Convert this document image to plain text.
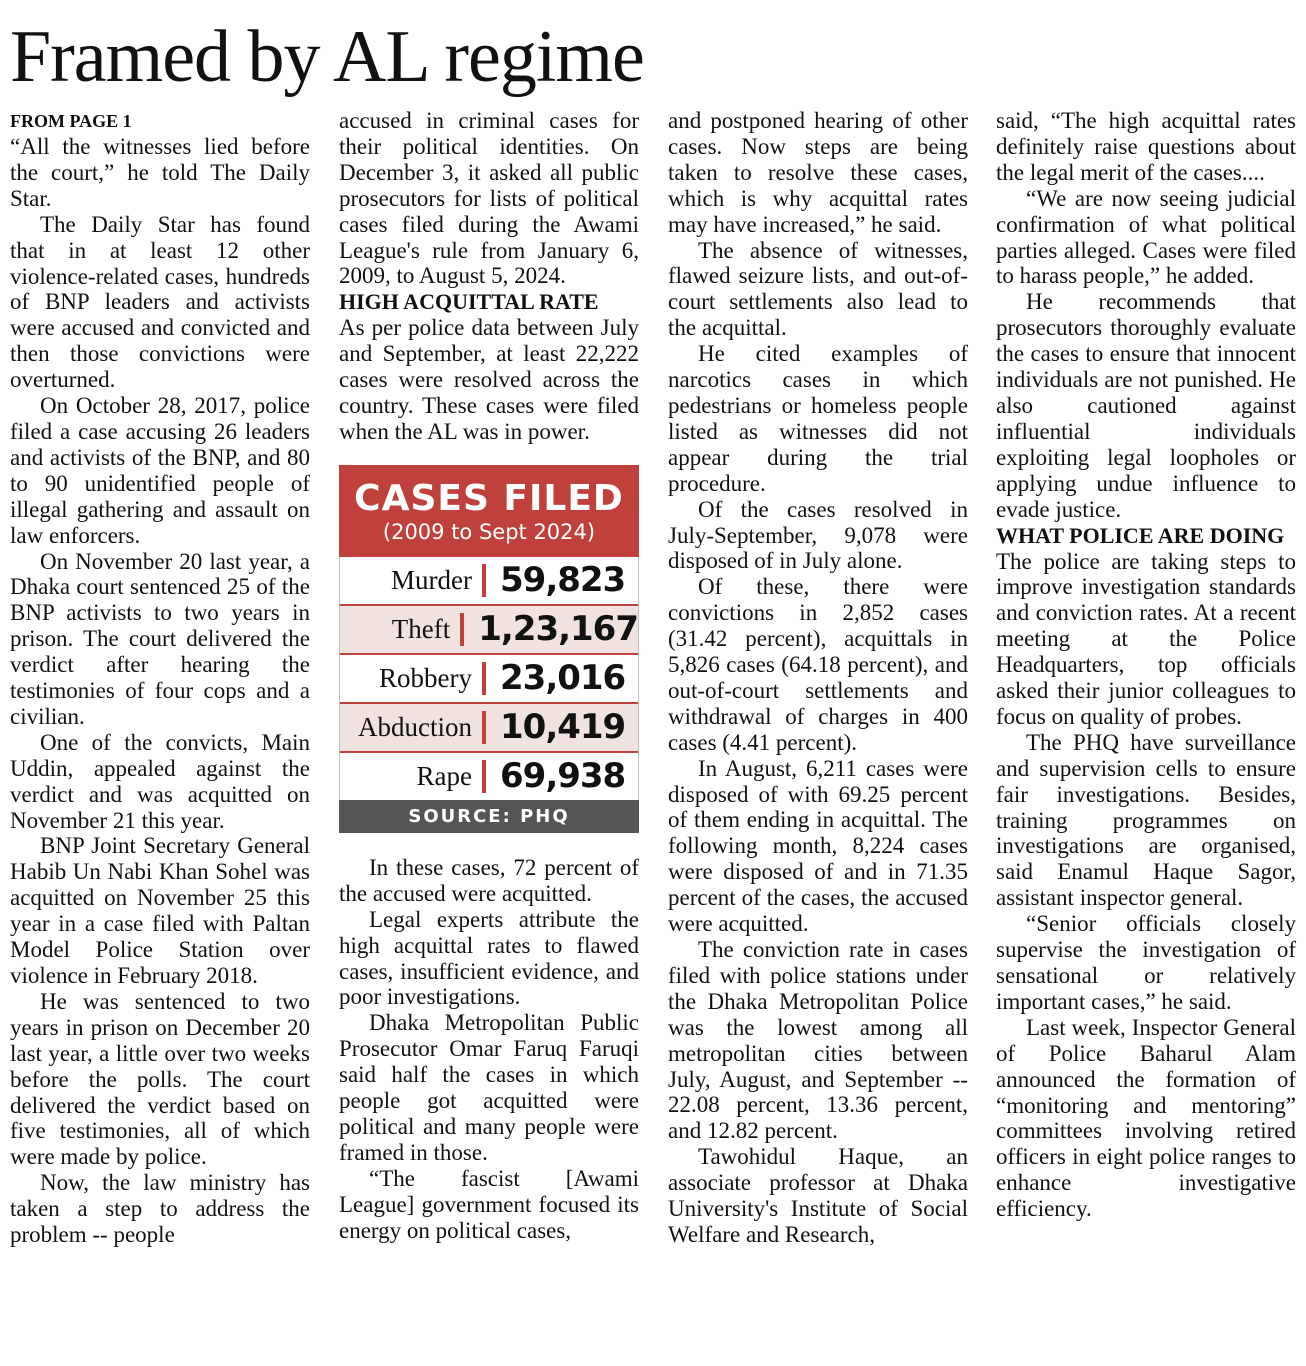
Framed by AL regime
FROM PAGE 1

“All the witnesses lied before the court,” he told The Daily Star.

The Daily Star has found that in at least 12 other violence-related cases, hundreds of BNP leaders and activists were accused and convicted and then those convictions were overturned.

On October 28, 2017, police filed a case accusing 26 leaders and activists of the BNP, and 80 to 90 unidentified people of illegal gathering and assault on law enforcers.

On November 20 last year, a Dhaka court sentenced 25 of the BNP activists to two years in prison. The court delivered the verdict after hearing the testimonies of four cops and a civilian.

One of the convicts, Main Uddin, appealed against the verdict and was acquitted on November 21 this year.

BNP Joint Secretary General Habib Un Nabi Khan Sohel was acquitted on November 25 this year in a case filed with Paltan Model Police Station over violence in February 2018.

He was sentenced to two years in prison on December 20 last year, a little over two weeks before the polls. The court delivered the verdict based on five testimonies, all of which were made by police.

Now, the law ministry has taken a step to address the problem -- people

accused in criminal cases for their political identities. On December 3, it asked all public prosecutors for lists of political cases filed during the Awami League's rule from January 6, 2009, to August 5, 2024.

HIGH ACQUITTAL RATE

As per police data between July and September, at least 22,222 cases were resolved across the country. These cases were filed when the AL was in power.

CASES FILED
(2009 to Sept 2024)
Murder 59,823
Theft 1,23,167
Robbery 23,016
Abduction 10,419
Rape 69,938
SOURCE: PHQ

In these cases, 72 percent of the accused were acquitted.

Legal experts attribute the high acquittal rates to flawed cases, insufficient evidence, and poor investigations.

Dhaka Metropolitan Public Prosecutor Omar Faruq Faruqi said half the cases in which people got acquitted were political and many people were framed in those.

“The fascist [Awami League] government focused its energy on political cases,

and postponed hearing of other cases. Now steps are being taken to resolve these cases, which is why acquittal rates may have increased,” he said.

The absence of witnesses, flawed seizure lists, and out-of-court settlements also lead to the acquittal.

He cited examples of narcotics cases in which pedestrians or homeless people listed as witnesses did not appear during the trial procedure.

Of the cases resolved in July-September, 9,078 were disposed of in July alone.

Of these, there were convictions in 2,852 cases (31.42 percent), acquittals in 5,826 cases (64.18 percent), and out-of-court settlements and withdrawal of charges in 400 cases (4.41 percent).

In August, 6,211 cases were disposed of with 69.25 percent of them ending in acquittal. The following month, 8,224 cases were disposed of and in 71.35 percent of the cases, the accused were acquitted.

The conviction rate in cases filed with police stations under the Dhaka Metropolitan Police was the lowest among all metropolitan cities between July, August, and September -- 22.08 percent, 13.36 percent, and 12.82 percent.

Tawohidul Haque, an associate professor at Dhaka University's Institute of Social Welfare and Research,

said, “The high acquittal rates definitely raise questions about the legal merit of the cases....

“We are now seeing judicial confirmation of what political parties alleged. Cases were filed to harass people,” he added.

He recommends that prosecutors thoroughly evaluate the cases to ensure that innocent individuals are not punished. He also cautioned against influential individuals exploiting legal loopholes or applying undue influence to evade justice.

WHAT POLICE ARE DOING

The police are taking steps to improve investigation standards and conviction rates. At a recent meeting at the Police Headquarters, top officials asked their junior colleagues to focus on quality of probes.

The PHQ have surveillance and supervision cells to ensure fair investigations. Besides, training programmes on investigations are organised, said Enamul Haque Sagor, assistant inspector general.

“Senior officials closely supervise the investigation of sensational or relatively important cases,” he said.

Last week, Inspector General of Police Baharul Alam announced the formation of “monitoring and mentoring” committees involving retired officers in eight police ranges to enhance investigative efficiency.
